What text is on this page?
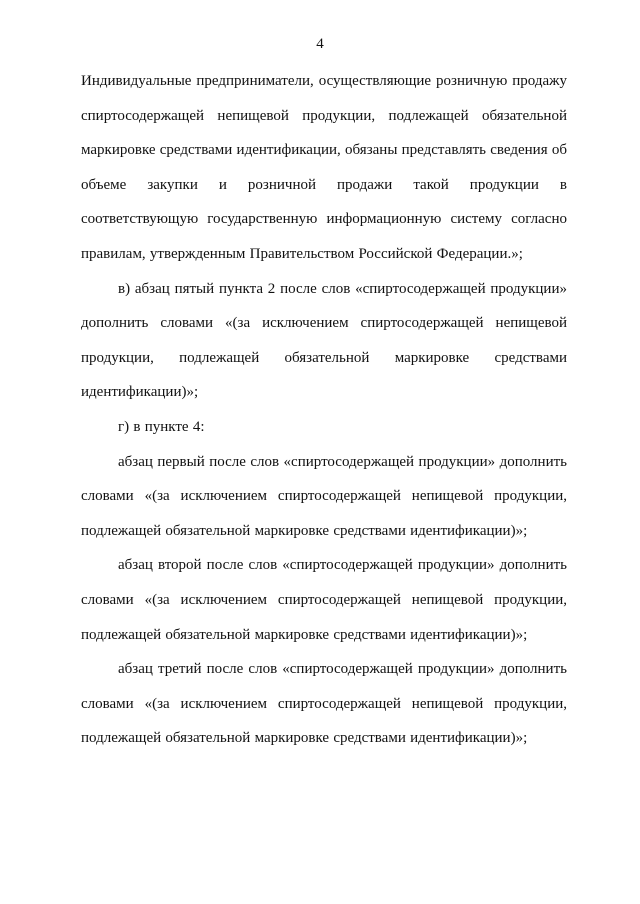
4

Индивидуальные предприниматели, осуществляющие розничную продажу спиртосодержащей непищевой продукции, подлежащей обязательной маркировке средствами идентификации, обязаны представлять сведения об объеме закупки и розничной продажи такой продукции в соответствующую государственную информационную систему согласно правилам, утвержденным Правительством Российской Федерации.»;

в) абзац пятый пункта 2 после слов «спиртосодержащей продукции» дополнить словами «(за исключением спиртосодержащей непищевой продукции, подлежащей обязательной маркировке средствами идентификации)»;

г) в пункте 4:

абзац первый после слов «спиртосодержащей продукции» дополнить словами «(за исключением спиртосодержащей непищевой продукции, подлежащей обязательной маркировке средствами идентификации)»;

абзац второй после слов «спиртосодержащей продукции» дополнить словами «(за исключением спиртосодержащей непищевой продукции, подлежащей обязательной маркировке средствами идентификации)»;

абзац третий после слов «спиртосодержащей продукции» дополнить словами «(за исключением спиртосодержащей непищевой продукции, подлежащей обязательной маркировке средствами идентификации)»;
